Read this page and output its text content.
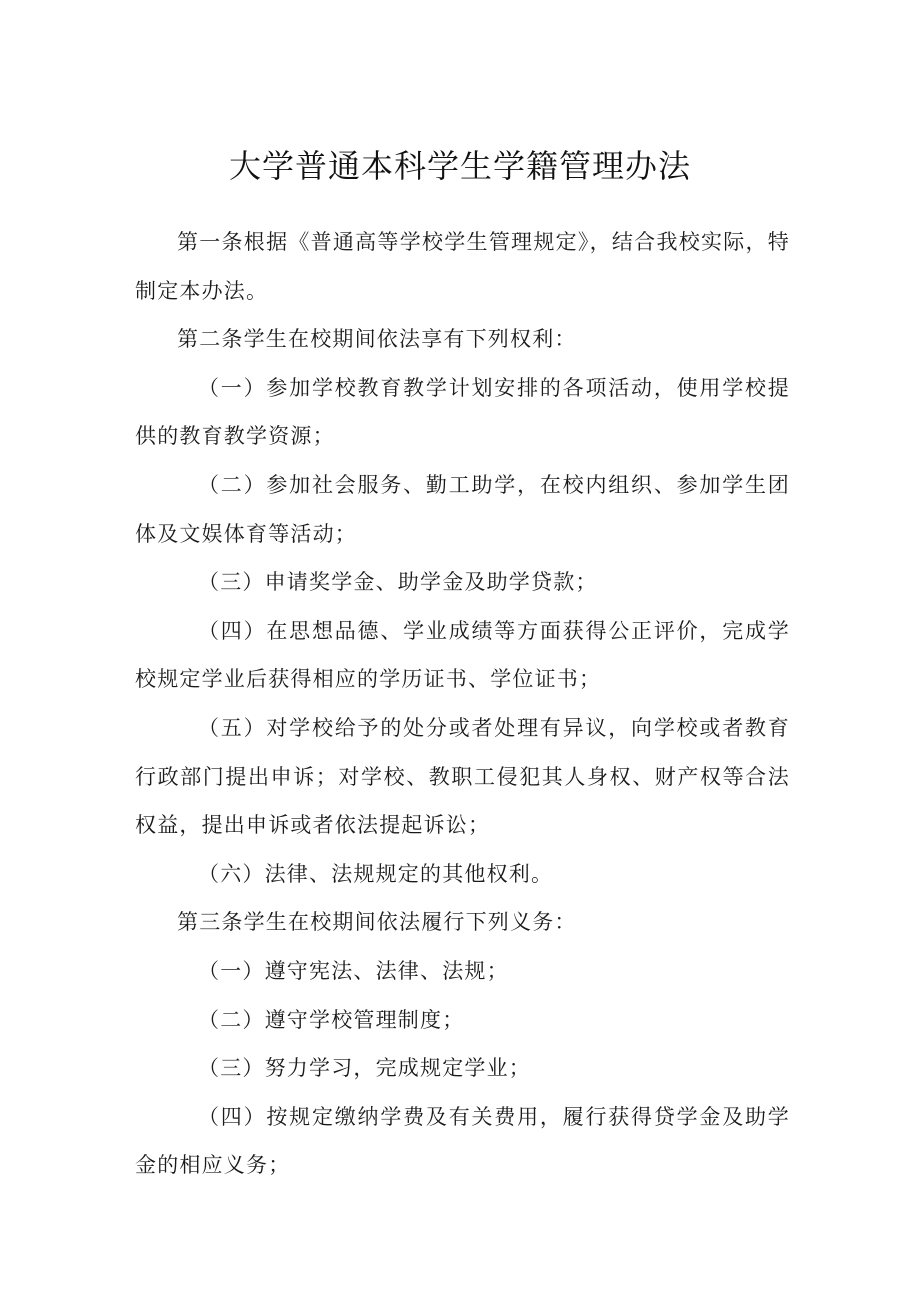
大学普通本科学生学籍管理办法

第一条根据《普通高等学校学生管理规定》，结合我校实际，特制定本办法。

第二条学生在校期间依法享有下列权利：

（一）参加学校教育教学计划安排的各项活动，使用学校提供的教育教学资源；

（二）参加社会服务、勤工助学，在校内组织、参加学生团体及文娱体育等活动；

（三）申请奖学金、助学金及助学贷款；

（四）在思想品德、学业成绩等方面获得公正评价，完成学校规定学业后获得相应的学历证书、学位证书；

（五）对学校给予的处分或者处理有异议，向学校或者教育行政部门提出申诉；对学校、教职工侵犯其人身权、财产权等合法权益，提出申诉或者依法提起诉讼；

（六）法律、法规规定的其他权利。

第三条学生在校期间依法履行下列义务：

（一）遵守宪法、法律、法规；

（二）遵守学校管理制度；

（三）努力学习，完成规定学业；

（四）按规定缴纳学费及有关费用，履行获得贷学金及助学金的相应义务；
